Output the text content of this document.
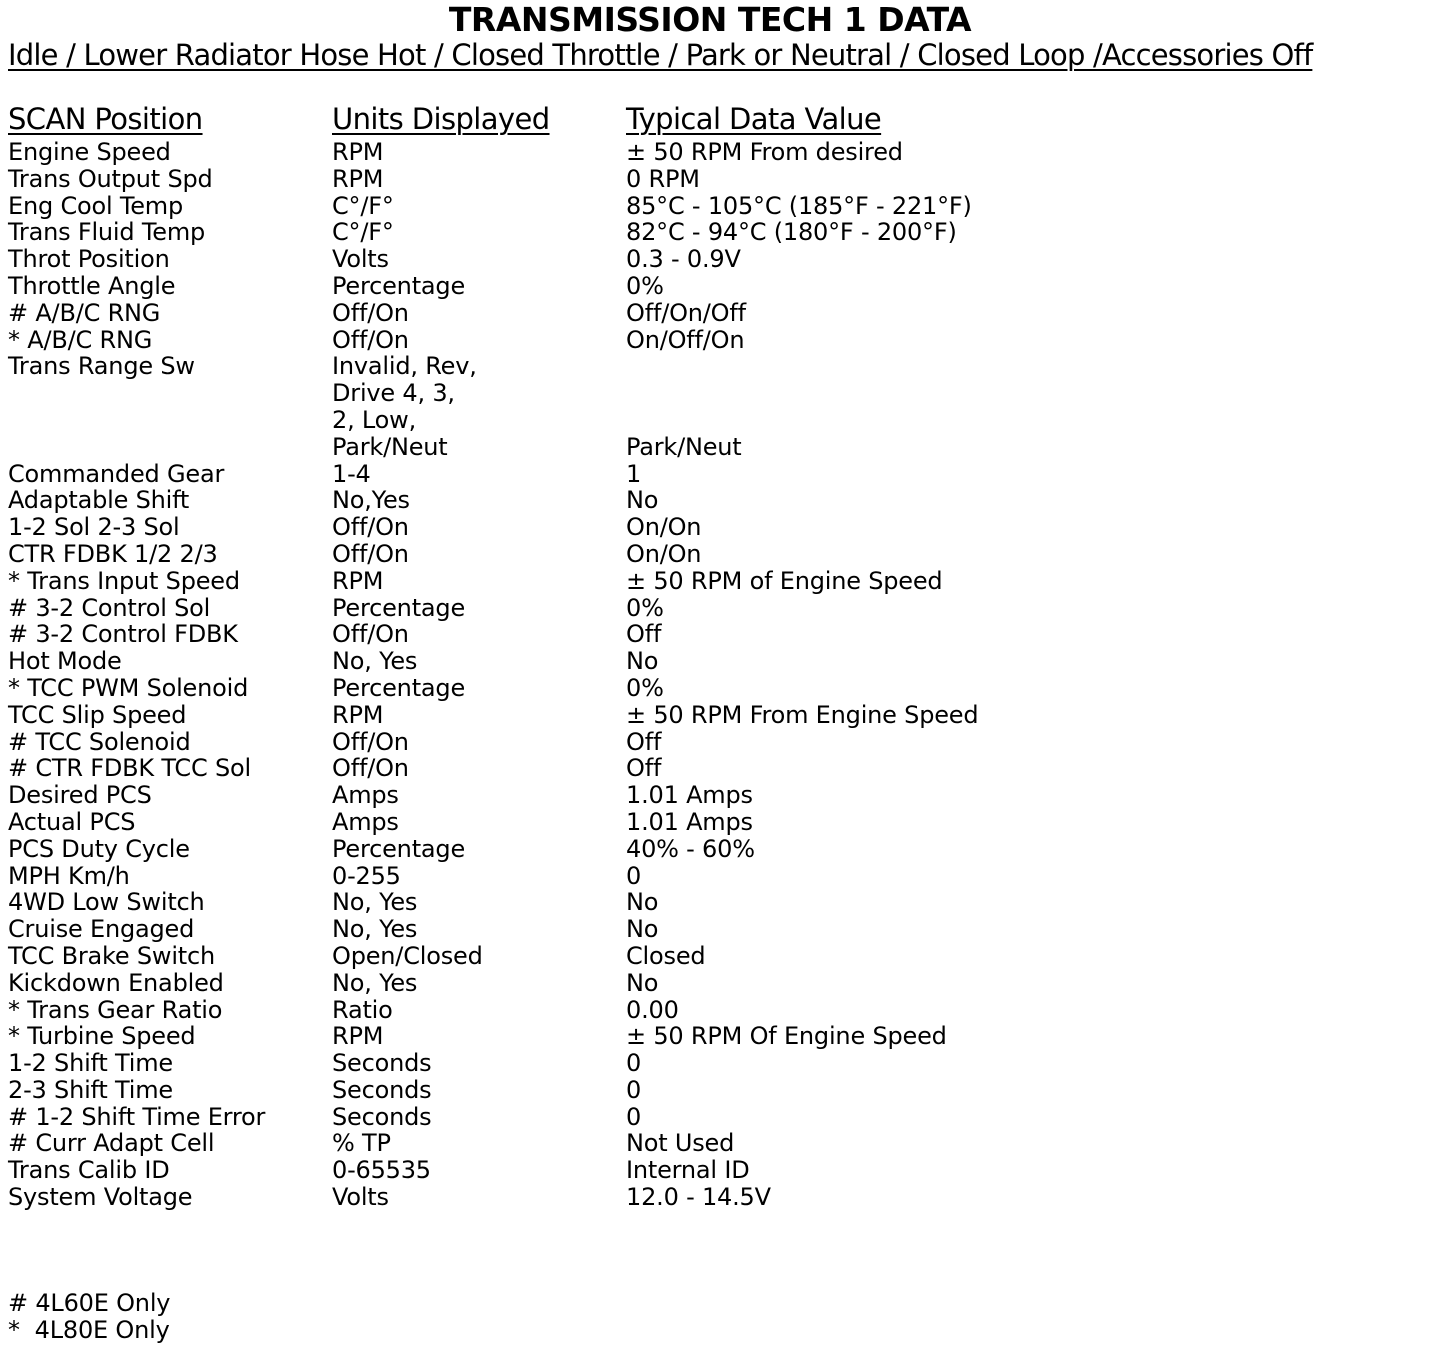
TRANSMISSION TECH 1 DATA
Idle / Lower Radiator Hose Hot / Closed Throttle / Park or Neutral / Closed Loop /Accessories Off
SCAN Position	Units Displayed	Typical Data Value
Engine Speed	RPM	± 50 RPM From desired
Trans Output Spd	RPM	0 RPM
Eng Cool Temp	C°/F°	85°C - 105°C (185°F - 221°F)
Trans Fluid Temp	C°/F°	82°C - 94°C (180°F - 200°F)
Throt Position	Volts	0.3 - 0.9V
Throttle Angle	Percentage	0%
# A/B/C RNG	Off/On	Off/On/Off
* A/B/C RNG	Off/On	On/Off/On
Trans Range Sw	Invalid, Rev,
Drive 4, 3,
2, Low,
Park/Neut	Park/Neut
Commanded Gear	1-4	1
Adaptable Shift	No,Yes	No
1-2 Sol 2-3 Sol	Off/On	On/On
CTR FDBK 1/2 2/3	Off/On	On/On
* Trans Input Speed	RPM	± 50 RPM of Engine Speed
# 3-2 Control Sol	Percentage	0%
# 3-2 Control FDBK	Off/On	Off
Hot Mode	No, Yes	No
* TCC PWM Solenoid	Percentage	0%
TCC Slip Speed	RPM	± 50 RPM From Engine Speed
# TCC Solenoid	Off/On	Off
# CTR FDBK TCC Sol	Off/On	Off
Desired PCS	Amps	1.01 Amps
Actual PCS	Amps	1.01 Amps
PCS Duty Cycle	Percentage	40% - 60%
MPH Km/h	0-255	0
4WD Low Switch	No, Yes	No
Cruise Engaged	No, Yes	No
TCC Brake Switch	Open/Closed	Closed
Kickdown Enabled	No, Yes	No
* Trans Gear Ratio	Ratio	0.00
* Turbine Speed	RPM	± 50 RPM Of Engine Speed
1-2 Shift Time	Seconds	0
2-3 Shift Time	Seconds	0
# 1-2 Shift Time Error	Seconds	0
# Curr Adapt Cell	% TP	Not Used
Trans Calib ID	0-65535	Internal ID
System Voltage	Volts	12.0 - 14.5V
# 4L60E Only
*  4L80E Only
